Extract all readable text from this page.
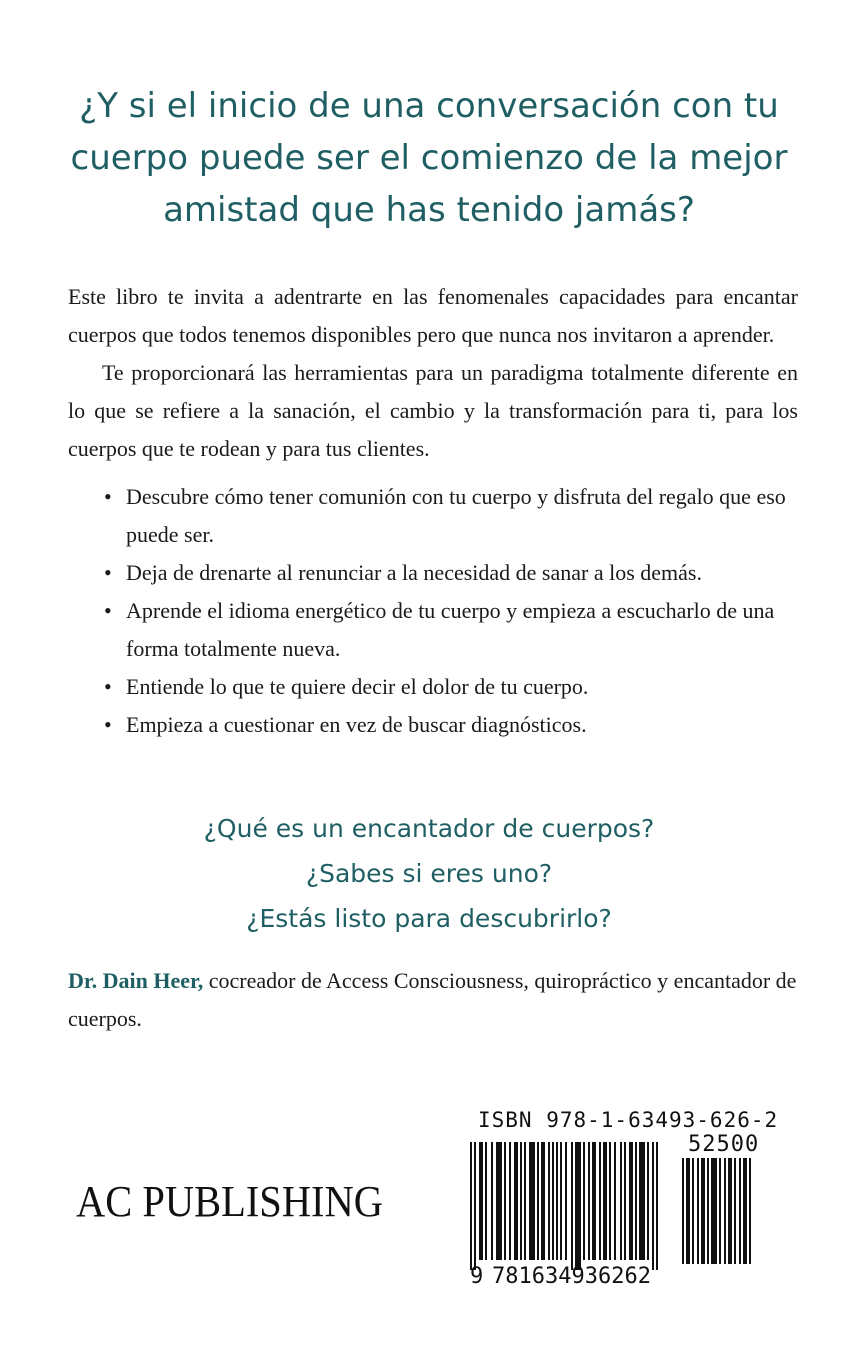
¿Y si el inicio de una conversación con tu
cuerpo puede ser el comienzo de la mejor
amistad que has tenido jamás?

Este libro te invita a adentrarte en las fenomenales capacidades para encantar cuerpos que todos tenemos disponibles pero que nunca nos invitaron a aprender.

Te proporcionará las herramientas para un paradigma totalmente diferente en lo que se refiere a la sanación, el cambio y la transformación para ti, para los cuerpos que te rodean y para tus clientes.

• Descubre cómo tener comunión con tu cuerpo y disfruta del regalo que eso puede ser.
• Deja de drenarte al renunciar a la necesidad de sanar a los demás.
• Aprende el idioma energético de tu cuerpo y empieza a escucharlo de una forma totalmente nueva.
• Entiende lo que te quiere decir el dolor de tu cuerpo.
• Empieza a cuestionar en vez de buscar diagnósticos.
¿Qué es un encantador de cuerpos?
¿Sabes si eres uno?
¿Estás listo para descubrirlo?
Dr. Dain Heer, cocreador de Access Consciousness, quiropráctico y encantador de cuerpos.
AC PUBLISHING
ISBN 978-1-63493-626-2
52500
9 781634936262
